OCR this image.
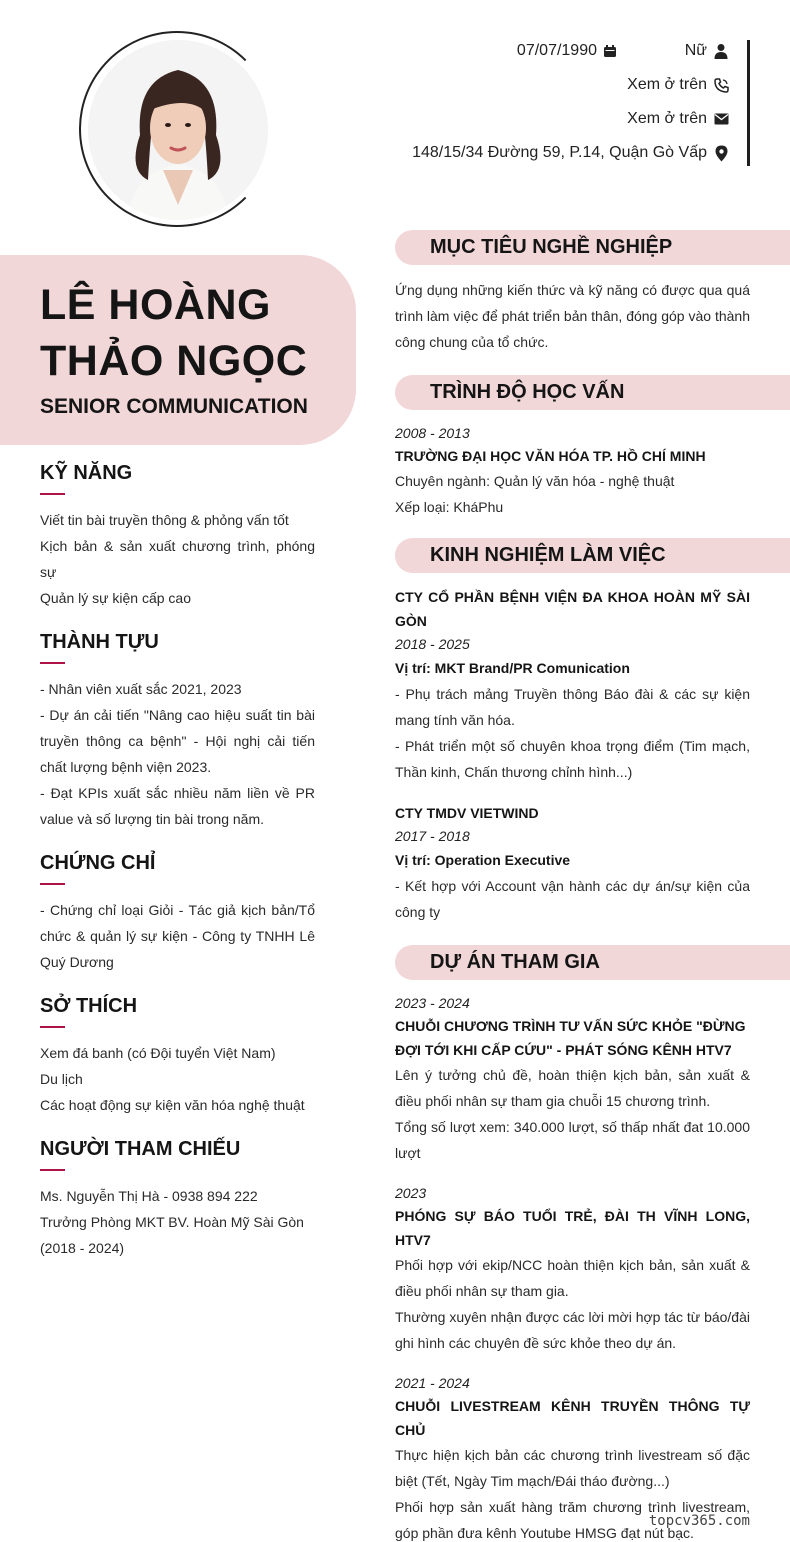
07/07/1990	Nữ
Xem ở trên
Xem ở trên
148/15/34 Đường 59, P.14, Quận Gò Vấp
LÊ HOÀNG
THẢO NGỌC
SENIOR COMMUNICATION
KỸ NĂNG

Viết tin bài truyền thông & phỏng vấn tốt

Kịch bản & sản xuất chương trình, phóng sự

Quản lý sự kiện cấp cao

THÀNH TỰU

- Nhân viên xuất sắc 2021, 2023

- Dự án cải tiến "Nâng cao hiệu suất tin bài truyền thông ca bệnh" - Hội nghị cải tiến chất lượng bệnh viện 2023.

- Đạt KPIs xuất sắc nhiều năm liền về PR value và số lượng tin bài trong năm.

CHỨNG CHỈ

- Chứng chỉ loại Giỏi - Tác giả kịch bản/Tổ chức & quản lý sự kiện - Công ty TNHH Lê Quý Dương

SỞ THÍCH

Xem đá banh (có Đội tuyển Việt Nam)

Du lịch

Các hoạt động sự kiện văn hóa nghệ thuật

NGƯỜI THAM CHIẾU

Ms. Nguyễn Thị Hà - 0938 894 222

Trưởng Phòng MKT BV. Hoàn Mỹ Sài Gòn (2018 - 2024)

MỤC TIÊU NGHỀ NGHIỆP
Ứng dụng những kiến thức và kỹ năng có được qua quá trình làm việc để phát triển bản thân, đóng góp vào thành công chung của tổ chức.
TRÌNH ĐỘ HỌC VẤN
2008 - 2013
TRƯỜNG ĐẠI HỌC VĂN HÓA TP. HỒ CHÍ MINH
Chuyên ngành: Quản lý văn hóa - nghệ thuật
Xếp loại: KháPhu
KINH NGHIỆM LÀM VIỆC
CTY CỔ PHẦN BỆNH VIỆN ĐA KHOA HOÀN MỸ SÀI GÒN
2018 - 2025
Vị trí: MKT Brand/PR Comunication
- Phụ trách mảng Truyền thông Báo đài & các sự kiện mang tính văn hóa.
- Phát triển một số chuyên khoa trọng điểm (Tim mạch, Thần kinh, Chấn thương chỉnh hình...)
CTY TMDV VIETWIND
2017 - 2018
Vị trí: Operation Executive
- Kết hợp với Account vận hành các dự án/sự kiện của công ty
DỰ ÁN THAM GIA
2023 - 2024
CHUỖI CHƯƠNG TRÌNH TƯ VẤN SỨC KHỎE "ĐỪNG ĐỢI TỚI KHI CẤP CỨU" - PHÁT SÓNG KÊNH HTV7
Lên ý tưởng chủ đề, hoàn thiện kịch bản, sản xuất & điều phối nhân sự tham gia chuỗi 15 chương trình.
Tổng số lượt xem: 340.000 lượt, số thấp nhất đat 10.000 lượt
2023
PHÓNG SỰ BÁO TUỔI TRẺ, ĐÀI TH VĨNH LONG, HTV7
Phối hợp với ekip/NCC hoàn thiện kịch bản, sản xuất & điều phối nhân sự tham gia.
Thường xuyên nhận được các lời mời hợp tác từ báo/đài ghi hình các chuyên đề sức khỏe theo dự án.
2021 - 2024
CHUỖI LIVESTREAM KÊNH TRUYỀN THÔNG TỰ CHỦ
Thực hiện kịch bản các chương trình livestream số đặc biệt (Tết, Ngày Tim mạch/Đái tháo đường...)
Phối hợp sản xuất hàng trăm chương trình livestream, góp phần đưa kênh Youtube HMSG đạt nút bạc.
topcv365.com
